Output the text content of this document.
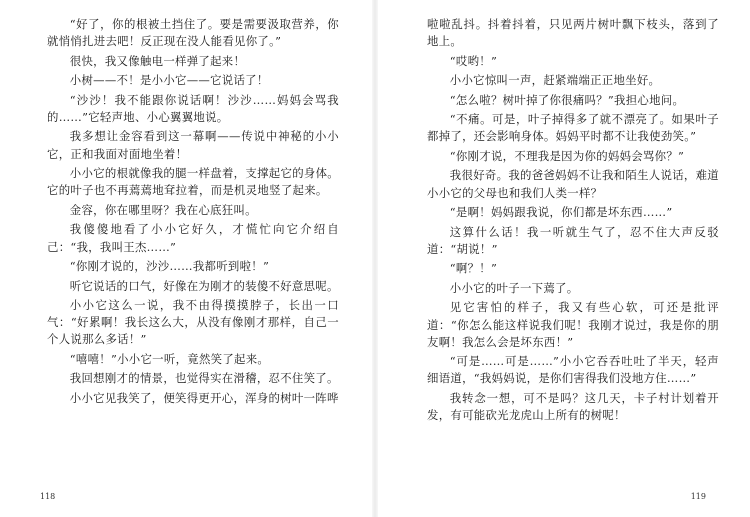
“好了，你的根被土挡住了。要是需要汲取营养，你就悄悄扎进去吧！反正现在没人能看见你了。”

很快，我又像触电一样弹了起来！

小树——不！是小小它——它说话了！

“沙沙！我不能跟你说话啊！沙沙……妈妈会骂我的……”它轻声地、小心翼翼地说。

我多想让金容看到这一幕啊——传说中神秘的小小它，正和我面对面地坐着！

小小它的根就像我的腿一样盘着，支撑起它的身体。它的叶子也不再蔫蔫地耷拉着，而是机灵地竖了起来。

金容，你在哪里呀？我在心底狂叫。

我傻傻地看了小小它好久，才慌忙向它介绍自己：“我，我叫王杰……”

“你刚才说的，沙沙……我都听到啦！”

听它说话的口气，好像在为刚才的装傻不好意思呢。

小小它这么一说，我不由得摸摸脖子，长出一口气：“好累啊！我长这么大，从没有像刚才那样，自己一个人说那么多话！”

“嘻嘻！”小小它一听，竟然笑了起来。

我回想刚才的情景，也觉得实在滑稽，忍不住笑了。

小小它见我笑了，便笑得更开心，浑身的树叶一阵哗

118

啦啦乱抖。抖着抖着，只见两片树叶飘下枝头，落到了地上。

“哎哟！”

小小它惊叫一声，赶紧端端正正地坐好。

“怎么啦？树叶掉了你很痛吗？”我担心地问。

“不痛。可是，叶子掉得多了就不漂亮了。如果叶子都掉了，还会影响身体。妈妈平时都不让我使劲笑。”

“你刚才说，不理我是因为你的妈妈会骂你？”

我很好奇。我的爸爸妈妈不让我和陌生人说话，难道小小它的父母也和我们人类一样？

“是啊！妈妈跟我说，你们都是坏东西……”

这算什么话！我一听就生气了，忍不住大声反驳道：“胡说！”

“啊？！”

小小它的叶子一下蔫了。

见它害怕的样子，我又有些心软，可还是批评道：“你怎么能这样说我们呢！我刚才说过，我是你的朋友啊！我怎么会是坏东西！”

“可是……可是……”小小它吞吞吐吐了半天，轻声细语道，“我妈妈说，是你们害得我们没地方住……”

我转念一想，可不是吗？这几天，卡子村计划着开发，有可能砍光龙虎山上所有的树呢！

119
